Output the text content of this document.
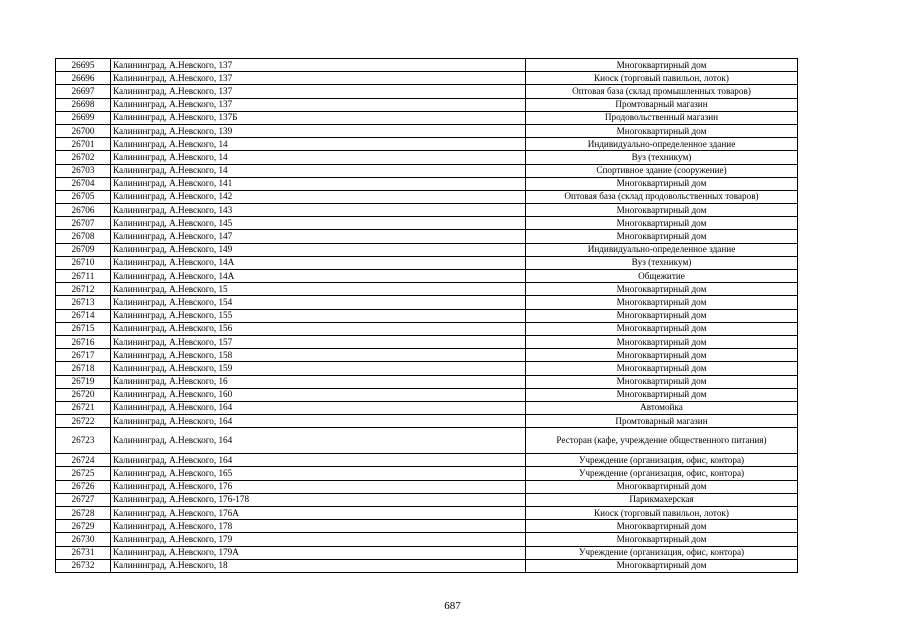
26695	Калининград, А.Невского, 137	Многоквартирный дом
26696	Калининград, А.Невского, 137	Киоск (торговый павильон, лоток)
26697	Калининград, А.Невского, 137	Оптовая база (склад промышленных товаров)
26698	Калининград, А.Невского, 137	Промтоварный магазин
26699	Калининград, А.Невского, 137Б	Продовольственный магазин
26700	Калининград, А.Невского, 139	Многоквартирный дом
26701	Калининград, А.Невского, 14	Индивидуально-определенное здание
26702	Калининград, А.Невского, 14	Вуз (техникум)
26703	Калининград, А.Невского, 14	Спортивное здание (сооружение)
26704	Калининград, А.Невского, 141	Многоквартирный дом
26705	Калининград, А.Невского, 142	Оптовая база (склад продовольственных товаров)
26706	Калининград, А.Невского, 143	Многоквартирный дом
26707	Калининград, А.Невского, 145	Многоквартирный дом
26708	Калининград, А.Невского, 147	Многоквартирный дом
26709	Калининград, А.Невского, 149	Индивидуально-определенное здание
26710	Калининград, А.Невского, 14А	Вуз (техникум)
26711	Калининград, А.Невского, 14А	Общежитие
26712	Калининград, А.Невского, 15	Многоквартирный дом
26713	Калининград, А.Невского, 154	Многоквартирный дом
26714	Калининград, А.Невского, 155	Многоквартирный дом
26715	Калининград, А.Невского, 156	Многоквартирный дом
26716	Калининград, А.Невского, 157	Многоквартирный дом
26717	Калининград, А.Невского, 158	Многоквартирный дом
26718	Калининград, А.Невского, 159	Многоквартирный дом
26719	Калининград, А.Невского, 16	Многоквартирный дом
26720	Калининград, А.Невского, 160	Многоквартирный дом
26721	Калининград, А.Невского, 164	Автомойка
26722	Калининград, А.Невского, 164	Промтоварный магазин
26723	Калининград, А.Невского, 164	Ресторан (кафе, учреждение общественного питания)
26724	Калининград, А.Невского, 164	Учреждение (организация, офис, контора)
26725	Калининград, А.Невского, 165	Учреждение (организация, офис, контора)
26726	Калининград, А.Невского, 176	Многоквартирный дом
26727	Калининград, А.Невского, 176-178	Парикмахерская
26728	Калининград, А.Невского, 176А	Киоск (торговый павильон, лоток)
26729	Калининград, А.Невского, 178	Многоквартирный дом
26730	Калининград, А.Невского, 179	Многоквартирный дом
26731	Калининград, А.Невского, 179А	Учреждение (организация, офис, контора)
26732	Калининград, А.Невского, 18	Многоквартирный дом
687
